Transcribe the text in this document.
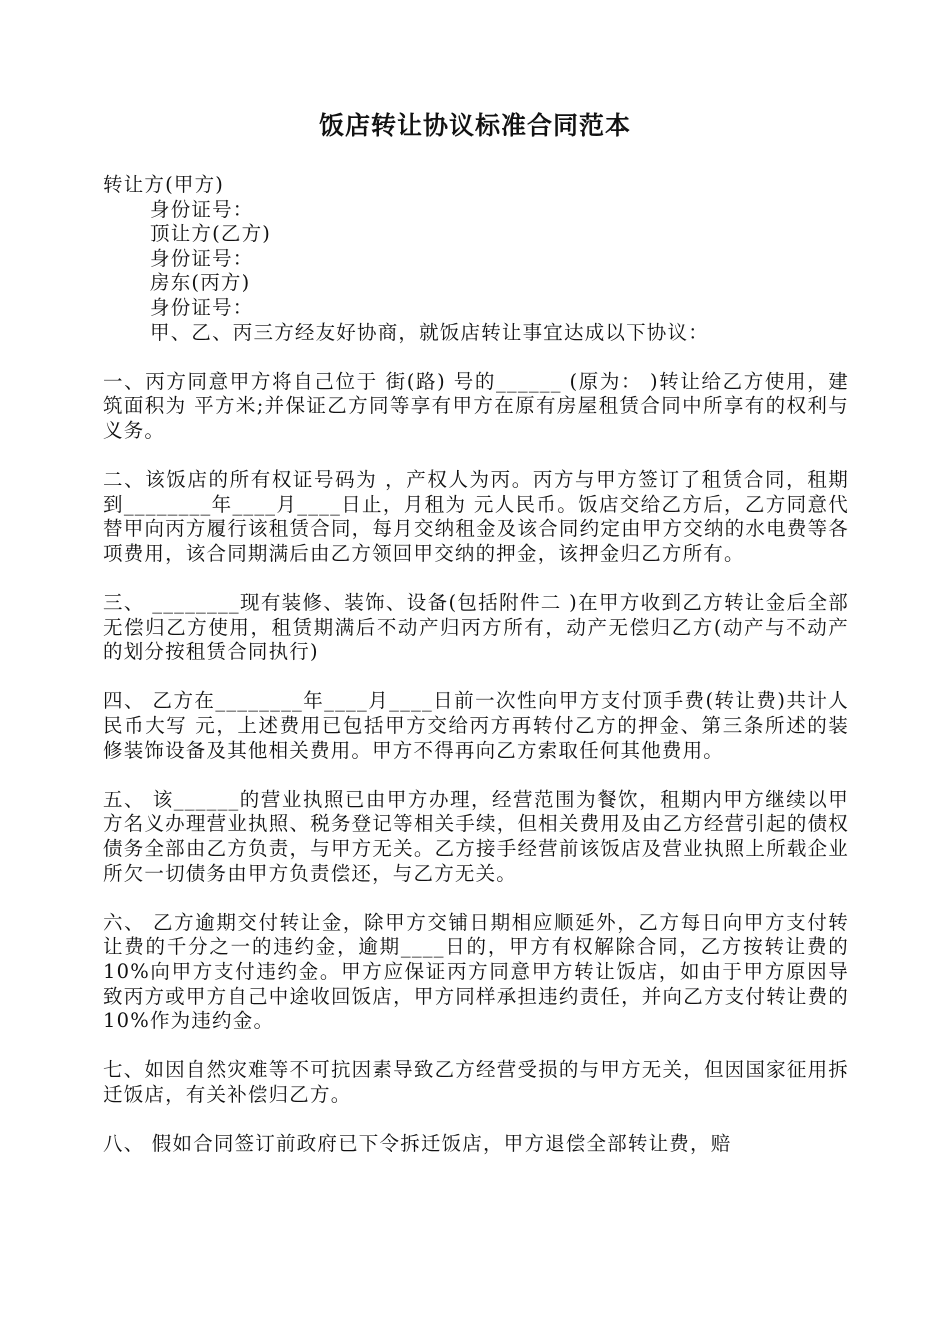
饭店转让协议标准合同范本
转让方(甲方)
身份证号：
顶让方(乙方)
身份证号：
房东(丙方)
身份证号：
甲、乙、丙三方经友好协商，就饭店转让事宜达成以下协议：
一、丙方同意甲方将自己位于 街(路) 号的______ (原为： )转让给乙方使用，建筑面积为 平方米;并保证乙方同等享有甲方在原有房屋租赁合同中所享有的权利与义务。
二、该饭店的所有权证号码为 ，产权人为丙。丙方与甲方签订了租赁合同，租期到________年____月____日止，月租为 元人民币。饭店交给乙方后，乙方同意代替甲向丙方履行该租赁合同，每月交纳租金及该合同约定由甲方交纳的水电费等各项费用，该合同期满后由乙方领回甲交纳的押金，该押金归乙方所有。
三、 ________现有装修、装饰、设备(包括附件二 )在甲方收到乙方转让金后全部无偿归乙方使用，租赁期满后不动产归丙方所有，动产无偿归乙方(动产与不动产的划分按租赁合同执行)
四、 乙方在________年____月____日前一次性向甲方支付顶手费(转让费)共计人民币大写 元，上述费用已包括甲方交给丙方再转付乙方的押金、第三条所述的装修装饰设备及其他相关费用。甲方不得再向乙方索取任何其他费用。
五、 该______的营业执照已由甲方办理，经营范围为餐饮，租期内甲方继续以甲方名义办理营业执照、税务登记等相关手续，但相关费用及由乙方经营引起的债权债务全部由乙方负责，与甲方无关。乙方接手经营前该饭店及营业执照上所载企业所欠一切债务由甲方负责偿还，与乙方无关。
六、 乙方逾期交付转让金，除甲方交铺日期相应顺延外，乙方每日向甲方支付转让费的千分之一的违约金，逾期____日的，甲方有权解除合同，乙方按转让费的10%向甲方支付违约金。甲方应保证丙方同意甲方转让饭店，如由于甲方原因导致丙方或甲方自己中途收回饭店，甲方同样承担违约责任，并向乙方支付转让费的10%作为违约金。
七、如因自然灾难等不可抗因素导致乙方经营受损的与甲方无关，但因国家征用拆迁饭店，有关补偿归乙方。
八、 假如合同签订前政府已下令拆迁饭店，甲方退偿全部转让费，赔
